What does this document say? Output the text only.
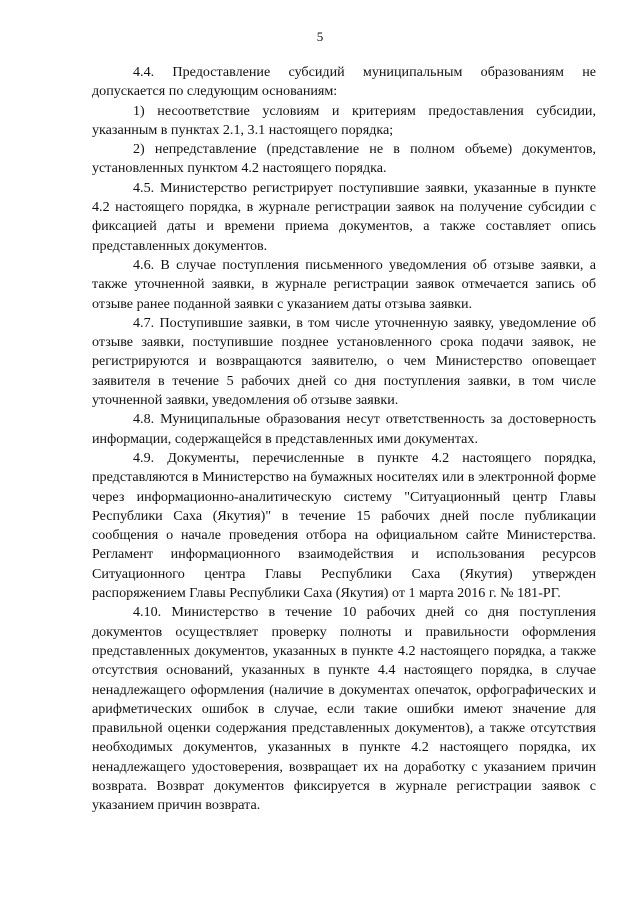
5

4.4. Предоставление субсидий муниципальным образованиям не допускается по следующим основаниям:

1) несоответствие условиям и критериям предоставления субсидии, указанным в пунктах 2.1, 3.1 настоящего порядка;

2) непредставление (представление не в полном объеме) документов, установленных пунктом 4.2 настоящего порядка.

4.5. Министерство регистрирует поступившие заявки, указанные в пункте 4.2 настоящего порядка, в журнале регистрации заявок на получение субсидии с фиксацией даты и времени приема документов, а также составляет опись представленных документов.

4.6. В случае поступления письменного уведомления об отзыве заявки, а также уточненной заявки, в журнале регистрации заявок отмечается запись об отзыве ранее поданной заявки с указанием даты отзыва заявки.

4.7. Поступившие заявки, в том числе уточненную заявку, уведомление об отзыве заявки, поступившие позднее установленного срока подачи заявок, не регистрируются и возвращаются заявителю, о чем Министерство оповещает заявителя в течение 5 рабочих дней со дня поступления заявки, в том числе уточненной заявки, уведомления об отзыве заявки.

4.8. Муниципальные образования несут ответственность за достоверность информации, содержащейся в представленных ими документах.

4.9. Документы, перечисленные в пункте 4.2 настоящего порядка, представляются в Министерство на бумажных носителях или в электронной форме через информационно-аналитическую систему "Ситуационный центр Главы Республики Саха (Якутия)" в течение 15 рабочих дней после публикации сообщения о начале проведения отбора на официальном сайте Министерства. Регламент информационного взаимодействия и использования ресурсов Ситуационного центра Главы Республики Саха (Якутия) утвержден распоряжением Главы Республики Саха (Якутия) от 1 марта 2016 г. № 181-РГ.

4.10. Министерство в течение 10 рабочих дней со дня поступления документов осуществляет проверку полноты и правильности оформления представленных документов, указанных в пункте 4.2 настоящего порядка, а также отсутствия оснований, указанных в пункте 4.4 настоящего порядка, в случае ненадлежащего оформления (наличие в документах опечаток, орфографических и арифметических ошибок в случае, если такие ошибки имеют значение для правильной оценки содержания представленных документов), а также отсутствия необходимых документов, указанных в пункте 4.2 настоящего порядка, их ненадлежащего удостоверения, возвращает их на доработку с указанием причин возврата. Возврат документов фиксируется в журнале регистрации заявок с указанием причин возврата.
